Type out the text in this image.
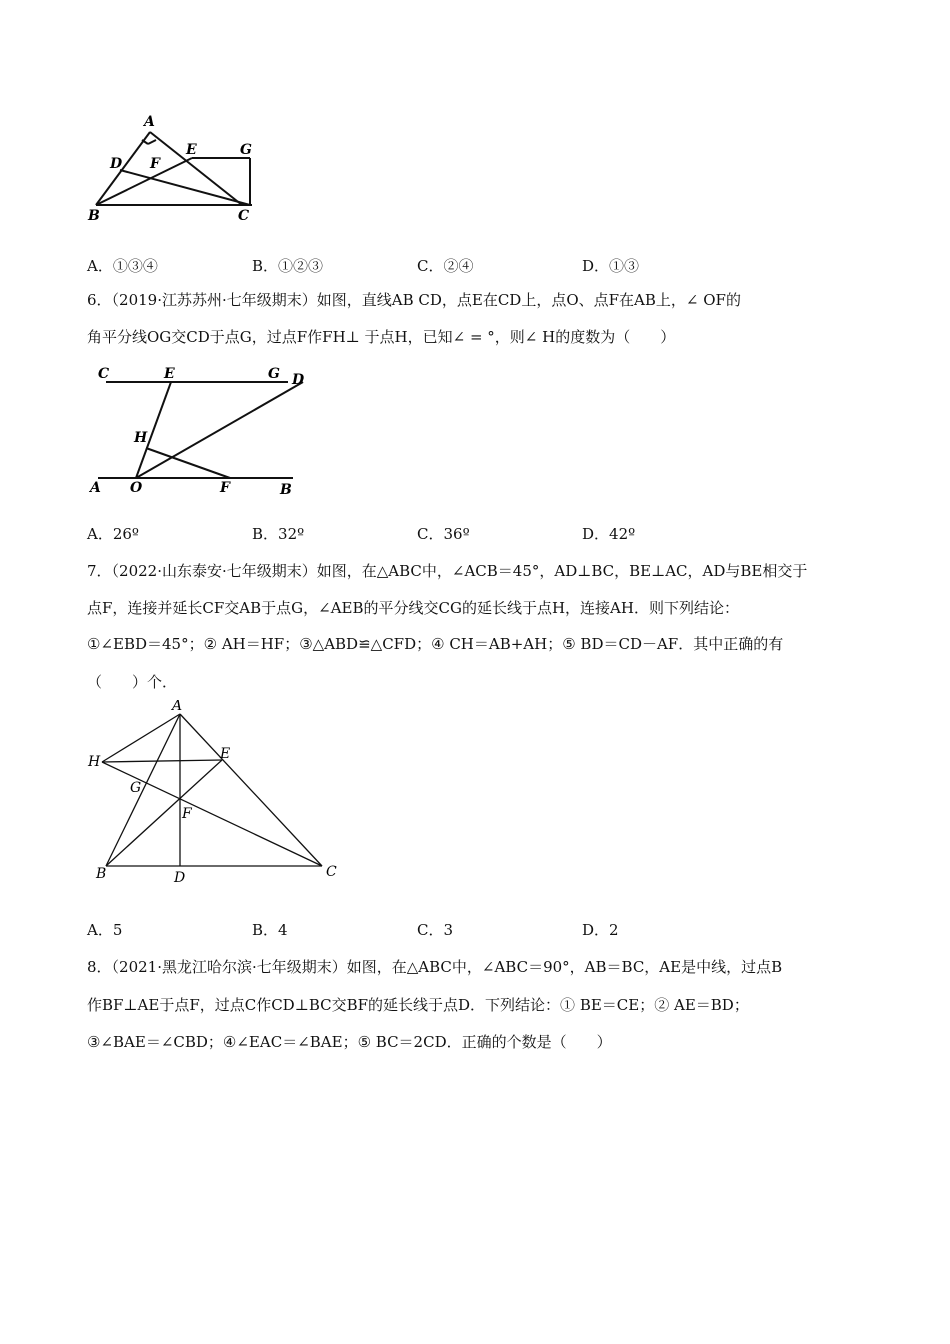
A
D F
E	G
B	C
A．①③④	B．①②③	C．②④	D．①③
6．（2019·江苏苏州·七年级期末）如图，直线AB CD，点E在CD上，点O、点F在AB上，∠ OF的
角平分线OG交CD于点G，过点F作FH⊥ 于点H，已知∠ = °，则∠ H的度数为（　　）
C	E	G D
H
A O	F	B
A．26º	B．32º	C．36º	D．42º
7．（2022·山东泰安·七年级期末）如图，在△ABC中，∠ACB＝45°，AD⊥BC，BE⊥AC，AD与BE相交于
点F，连接并延长CF交AB于点G，∠AEB的平分线交CG的延长线于点H，连接AH．则下列结论：
①∠EBD＝45°；② AH＝HF；③△ABD≌△CFD；④ CH＝AB+AH；⑤ BD＝CD－AF．其中正确的有
（　　）个．
A
H	E
G
F
B	D	C
A．5	B．4	C．3	D．2
8．（2021·黑龙江哈尔滨·七年级期末）如图，在△ABC中，∠ABC＝90°，AB＝BC，AE是中线，过点B
作BF⊥AE于点F，过点C作CD⊥BC交BF的延长线于点D．下列结论：① BE＝CE；② AE＝BD；
③∠BAE＝∠CBD；④∠EAC＝∠BAE；⑤ BC＝2CD．正确的个数是（　　）
